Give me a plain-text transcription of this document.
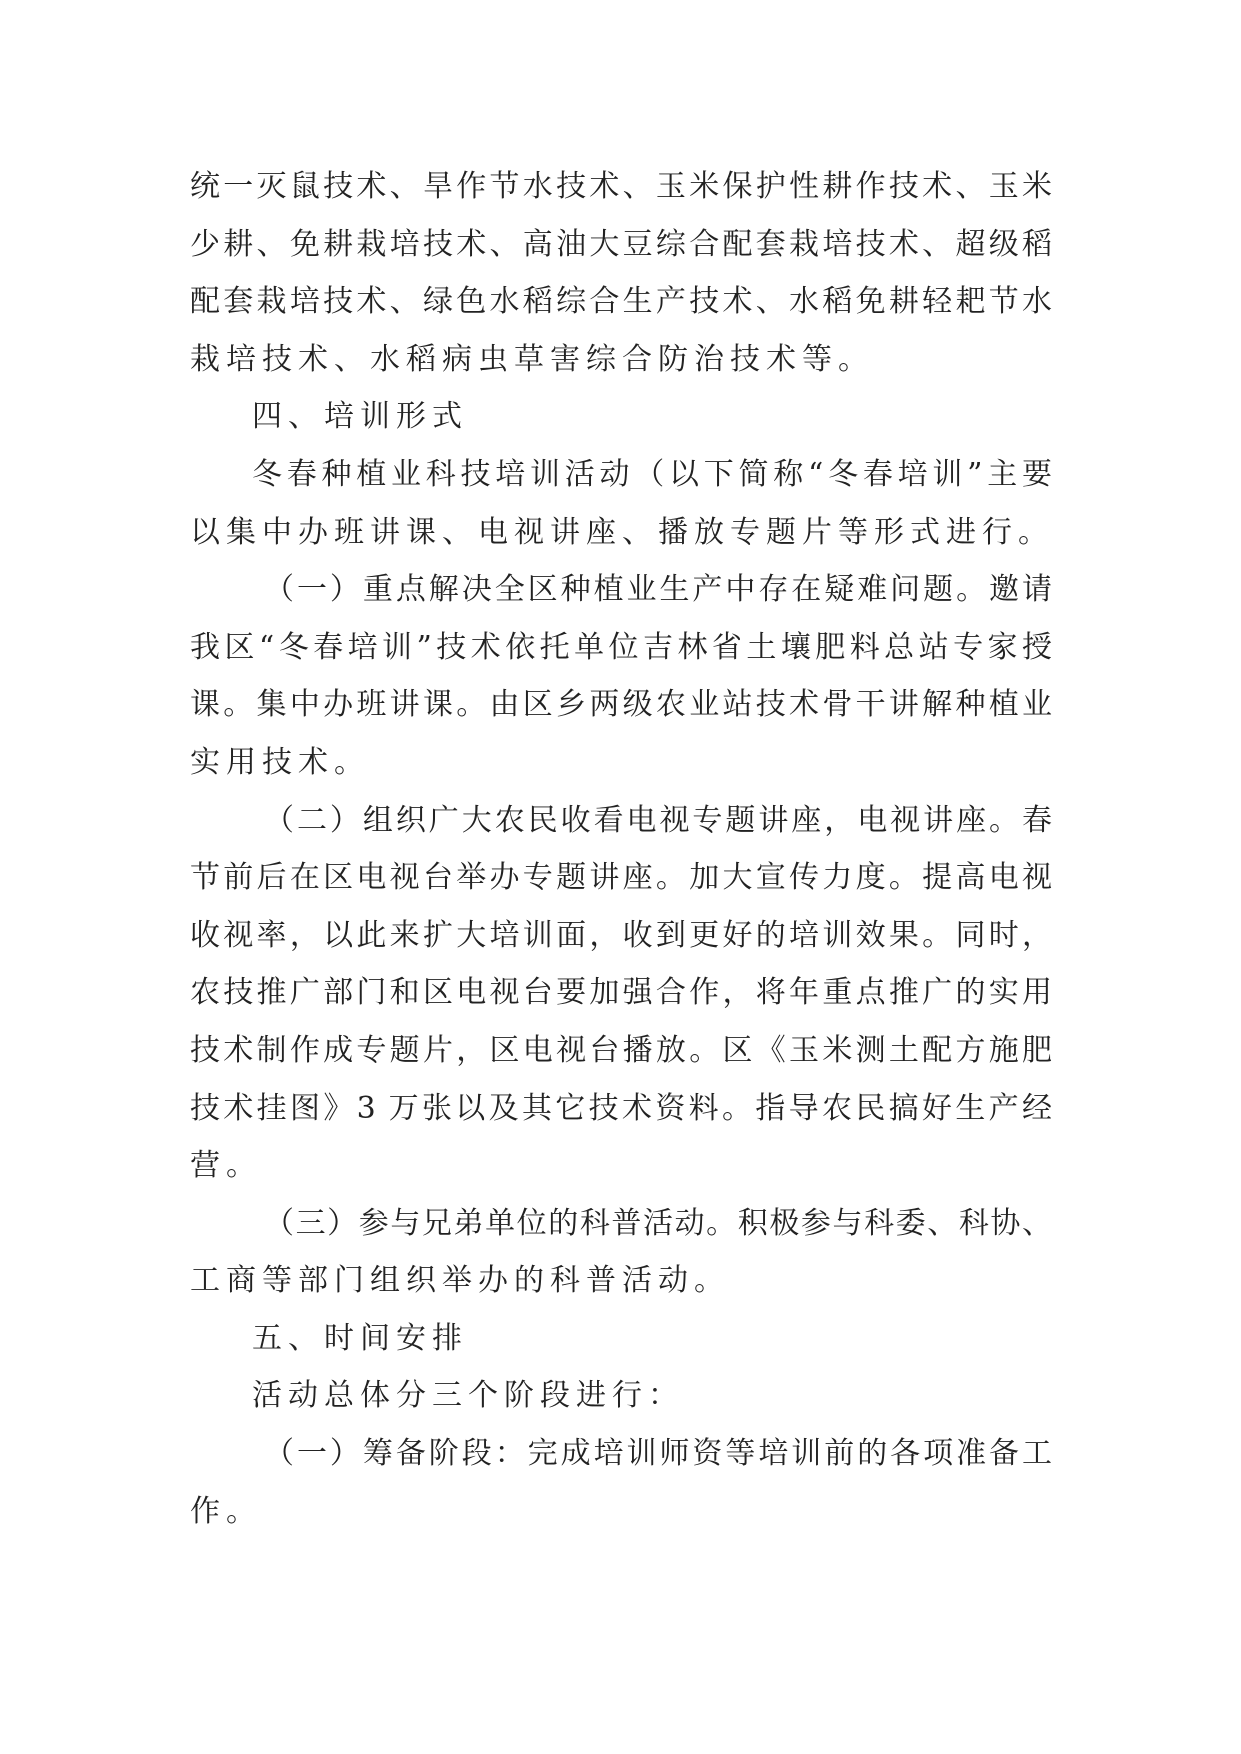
统一灭鼠技术、旱作节水技术、玉米保护性耕作技术、玉米
少耕、免耕栽培技术、高油大豆综合配套栽培技术、超级稻
配套栽培技术、绿色水稻综合生产技术、水稻免耕轻耙节水
栽培技术、水稻病虫草害综合防治技术等。
四、培训形式
冬春种植业科技培训活动（以下简称“冬春培训”主要
以集中办班讲课、电视讲座、播放专题片等形式进行。
（一）重点解决全区种植业生产中存在疑难问题。邀请
我区“冬春培训”技术依托单位吉林省土壤肥料总站专家授
课。集中办班讲课。由区乡两级农业站技术骨干讲解种植业
实用技术。
（二）组织广大农民收看电视专题讲座，电视讲座。春
节前后在区电视台举办专题讲座。加大宣传力度。提高电视
收视率，以此来扩大培训面，收到更好的培训效果。同时，
农技推广部门和区电视台要加强合作，将年重点推广的实用
技术制作成专题片，区电视台播放。区《玉米测土配方施肥
技术挂图》3 万张以及其它技术资料。指导农民搞好生产经
营。
（三）参与兄弟单位的科普活动。积极参与科委、科协、
工商等部门组织举办的科普活动。
五、时间安排
活动总体分三个阶段进行：
（一）筹备阶段：完成培训师资等培训前的各项准备工
作。
